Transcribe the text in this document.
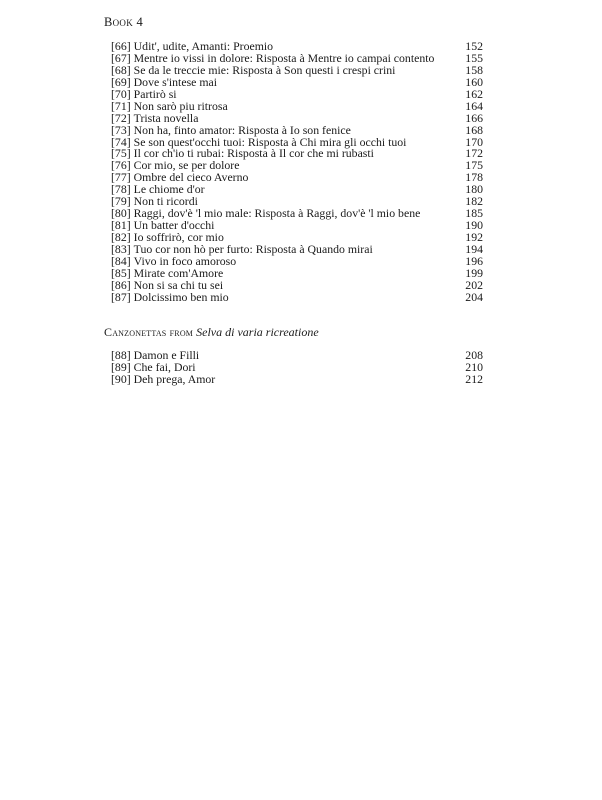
Book 4
[66] Udit', udite, Amanti: Proemio	152
[67] Mentre io vissi in dolore: Risposta à Mentre io campai contento	155
[68] Se da le treccie mie: Risposta à Son questi i crespi crini	158
[69] Dove s'intese mai	160
[70] Partirò si	162
[71] Non sarò piu ritrosa	164
[72] Trista novella	166
[73] Non ha, finto amator: Risposta à Io son fenice	168
[74] Se son quest'occhi tuoi: Risposta à Chi mira gli occhi tuoi	170
[75] Il cor ch'io ti rubai: Risposta à Il cor che mi rubasti	172
[76] Cor mio, se per dolore	175
[77] Ombre del cieco Averno	178
[78] Le chiome d'or	180
[79] Non ti ricordi	182
[80] Raggi, dov'è 'l mio male: Risposta à Raggi, dov'è 'l mio bene	185
[81] Un batter d'occhi	190
[82] Io soffrirò, cor mio	192
[83] Tuo cor non hò per furto: Risposta à Quando mirai	194
[84] Vivo in foco amoroso	196
[85] Mirate com'Amore	199
[86] Non si sa chi tu sei	202
[87] Dolcissimo ben mio	204
Canzonettas from Selva di varia ricreatione
[88] Damon e Filli	208
[89] Che fai, Dori	210
[90] Deh prega, Amor	212
